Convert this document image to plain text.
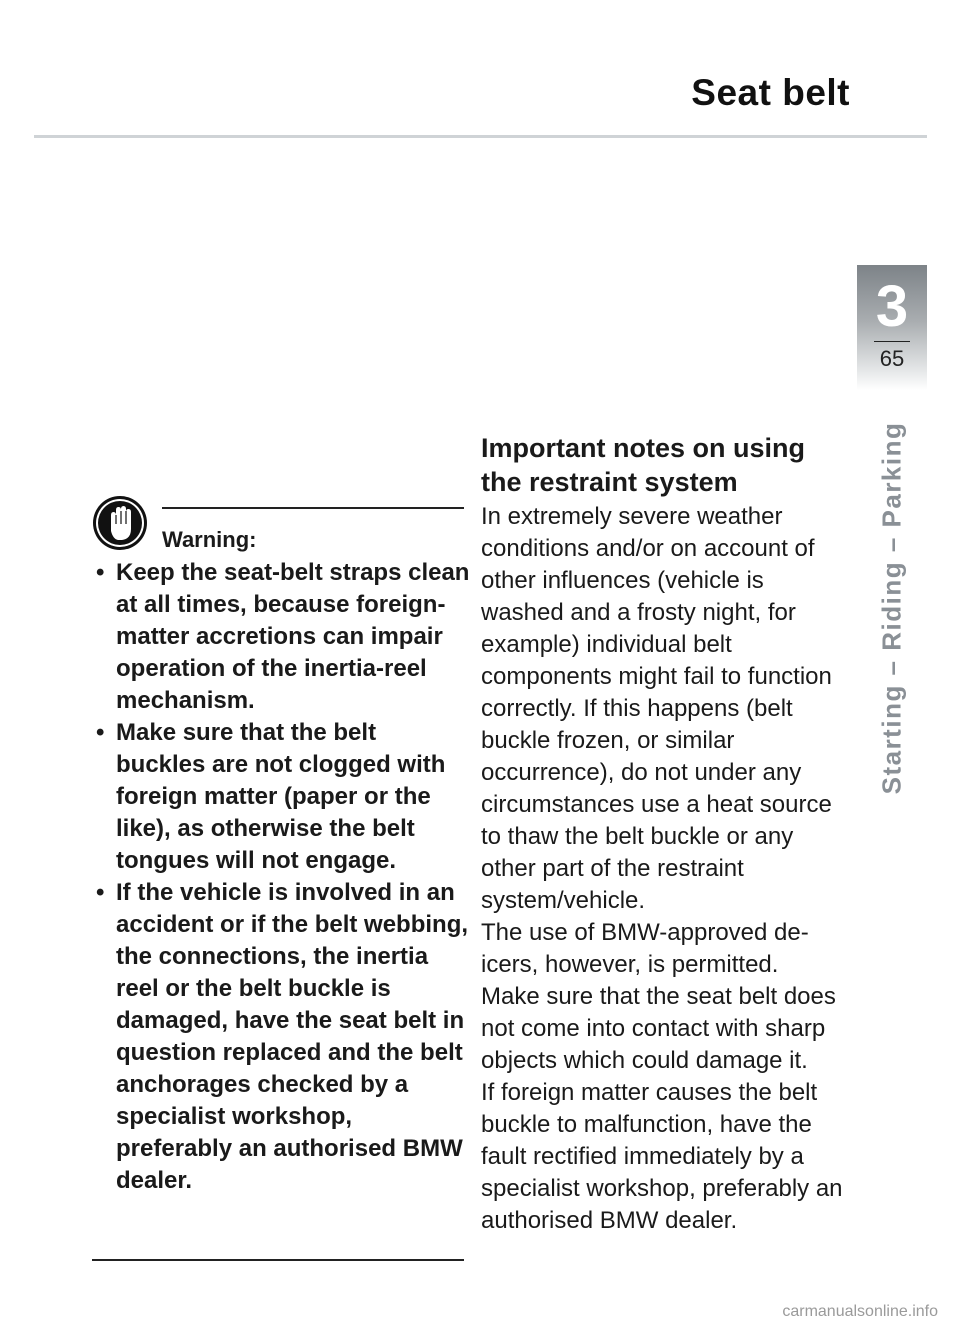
Seat belt
3
65
Starting – Riding – Parking
Warning:
• Keep the seat-belt straps clean at all times, because foreign-matter accretions can impair operation of the inertia-reel mechanism.
• Make sure that the belt buckles are not clogged with foreign matter (paper or the like), as otherwise the belt tongues will not engage.
• If the vehicle is involved in an accident or if the belt webbing, the connections, the inertia reel or the belt buckle is damaged, have the seat belt in question replaced and the belt anchorages checked by a specialist workshop, preferably an authorised BMW dealer.
Important notes on using the restraint system

In extremely severe weather conditions and/or on account of other influences (vehicle is washed and a frosty night, for example) individual belt components might fail to function correctly. If this happens (belt buckle frozen, or similar occurrence), do not under any circumstances use a heat source to thaw the belt buckle or any other part of the restraint system/vehicle.

The use of BMW-approved de-icers, however, is permitted.

Make sure that the seat belt does not come into contact with sharp objects which could damage it.

If foreign matter causes the belt buckle to malfunction, have the fault rectified immediately by a specialist workshop, preferably an authorised BMW dealer.

carmanualsonline.info
